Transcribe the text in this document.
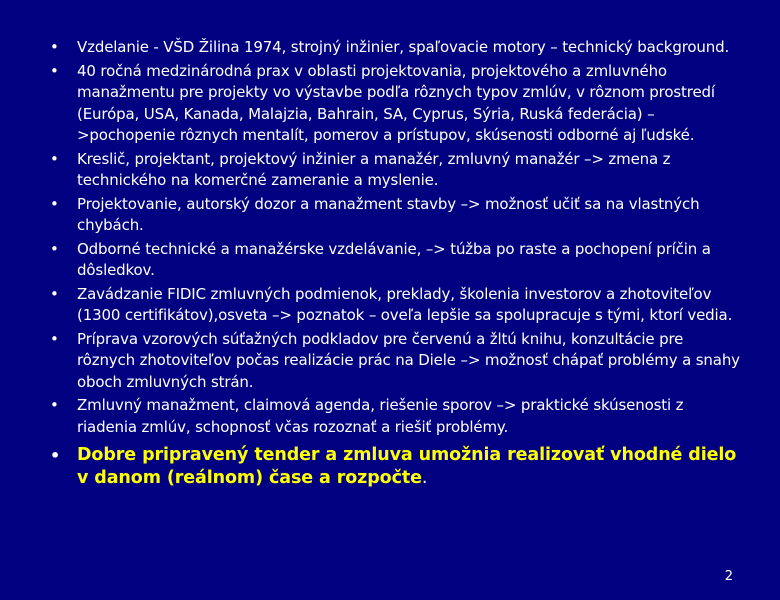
• Vzdelanie - VŠD Žilina 1974, strojný inžinier, spaľovacie motory – technický background.
• 40 ročná medzinárodná prax v oblasti projektovania, projektového a zmluvného manažmentu pre projekty vo výstavbe podľa rôznych typov zmlúv, v rôznom prostredí (Európa, USA, Kanada, Malajzia, Bahrain, SA, Cyprus, Sýria, Ruská federácia) –>pochopenie rôznych mentalít, pomerov a prístupov, skúsenosti odborné aj ľudské.
• Kreslič, projektant, projektový inžinier a manažér, zmluvný manažér –> zmena z technického na komerčné zameranie a myslenie.
• Projektovanie, autorský dozor a manažment stavby –> možnosť učiť sa na vlastných chybách.
• Odborné technické a manažérske vzdelávanie, –> túžba po raste a pochopení príčin a dôsledkov.
• Zavádzanie FIDIC zmluvných podmienok, preklady, školenia investorov a zhotoviteľov (1300 certifikátov),osveta –> poznatok – oveľa lepšie sa spolupracuje s tými, ktorí vedia.
• Príprava vzorových súťažných podkladov pre červenú a žltú knihu, konzultácie pre rôznych zhotoviteľov počas realizácie prác na Diele –> možnosť chápať problémy a snahy oboch zmluvných strán.
• Zmluvný manažment, claimová agenda, riešenie sporov –> praktické skúsenosti z riadenia zmlúv, schopnosť včas rozoznať a riešiť problémy.
• Dobre pripravený tender a zmluva umožnia realizovať vhodné dielo v danom (reálnom) čase a rozpočte.
2
